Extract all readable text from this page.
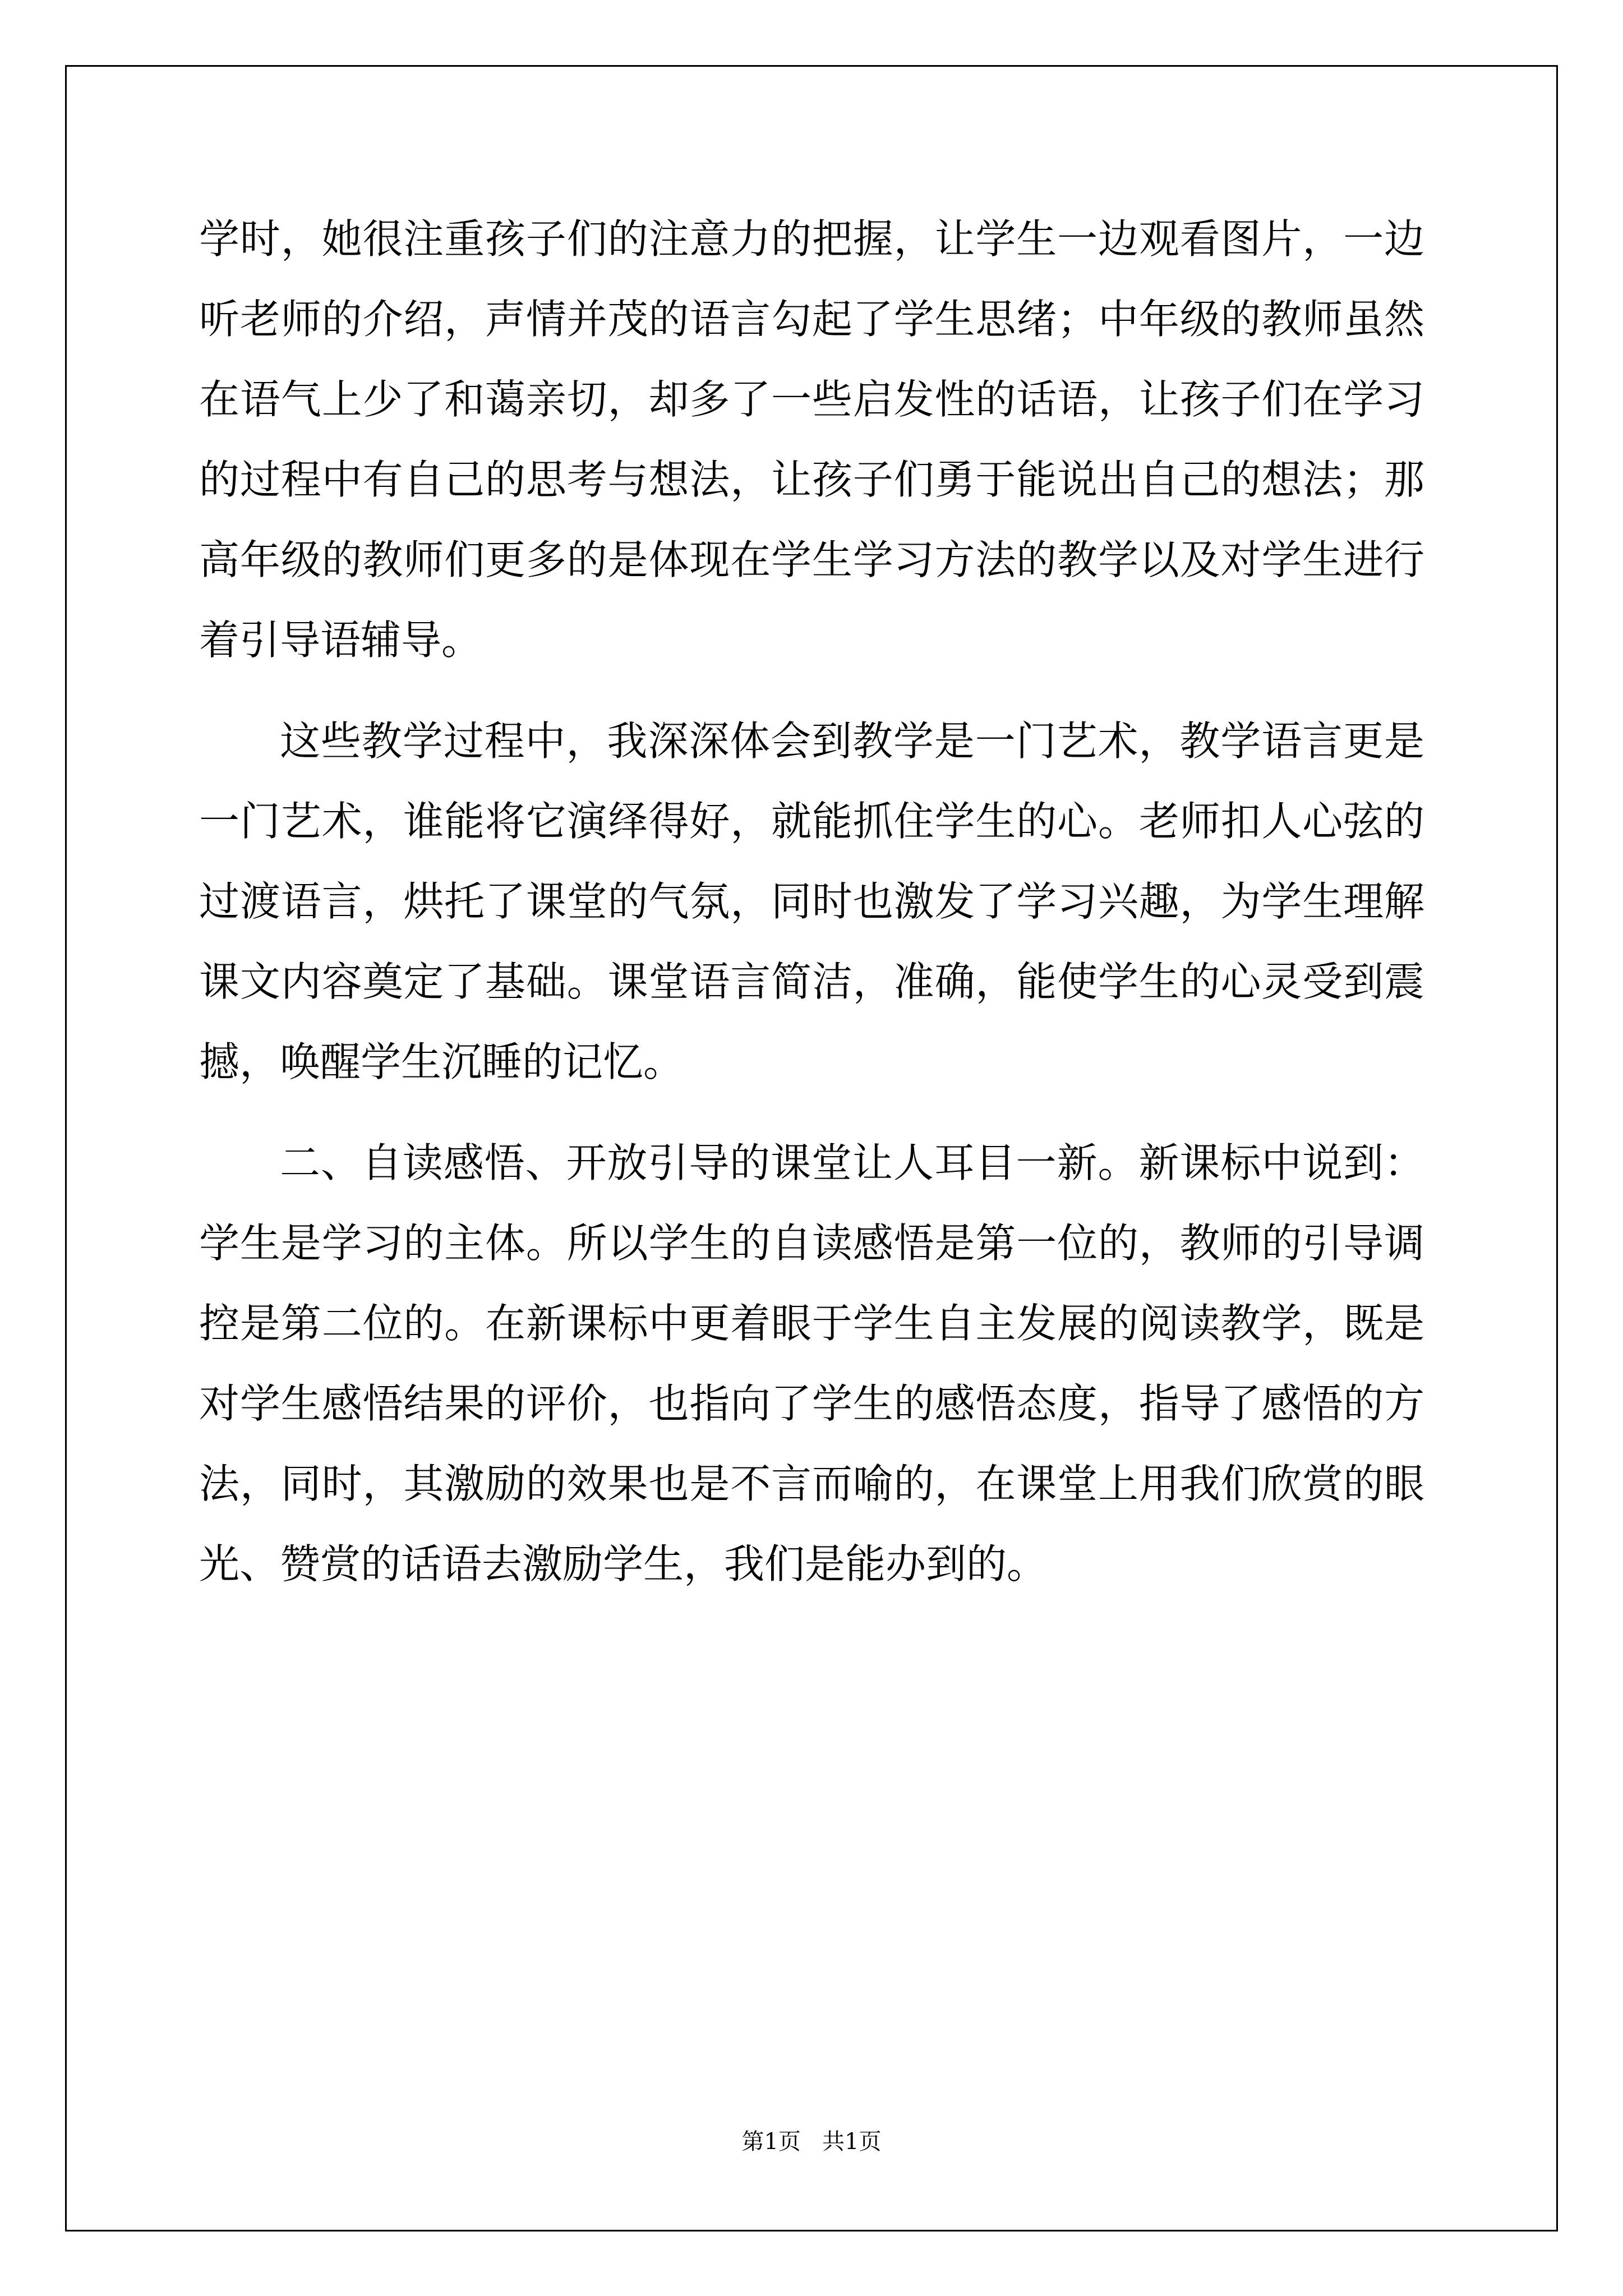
学时，她很注重孩子们的注意力的把握，让学生一边观看图片，一边听老师的介绍，声情并茂的语言勾起了学生思绪；中年级的教师虽然在语气上少了和蔼亲切，却多了一些启发性的话语，让孩子们在学习的过程中有自己的思考与想法，让孩子们勇于能说出自己的想法；那高年级的教师们更多的是体现在学生学习方法的教学以及对学生进行着引导语辅导。

这些教学过程中，我深深体会到教学是一门艺术，教学语言更是一门艺术，谁能将它演绎得好，就能抓住学生的心。老师扣人心弦的过渡语言，烘托了课堂的气氛，同时也激发了学习兴趣，为学生理解课文内容奠定了基础。课堂语言简洁，准确，能使学生的心灵受到震撼，唤醒学生沉睡的记忆。

二、自读感悟、开放引导的课堂让人耳目一新。新课标中说到：学生是学习的主体。所以学生的自读感悟是第一位的，教师的引导调控是第二位的。在新课标中更着眼于学生自主发展的阅读教学，既是对学生感悟结果的评价，也指向了学生的感悟态度，指导了感悟的方法，同时，其激励的效果也是不言而喻的，在课堂上用我们欣赏的眼光、赞赏的话语去激励学生，我们是能办到的。

第1页   共1页
